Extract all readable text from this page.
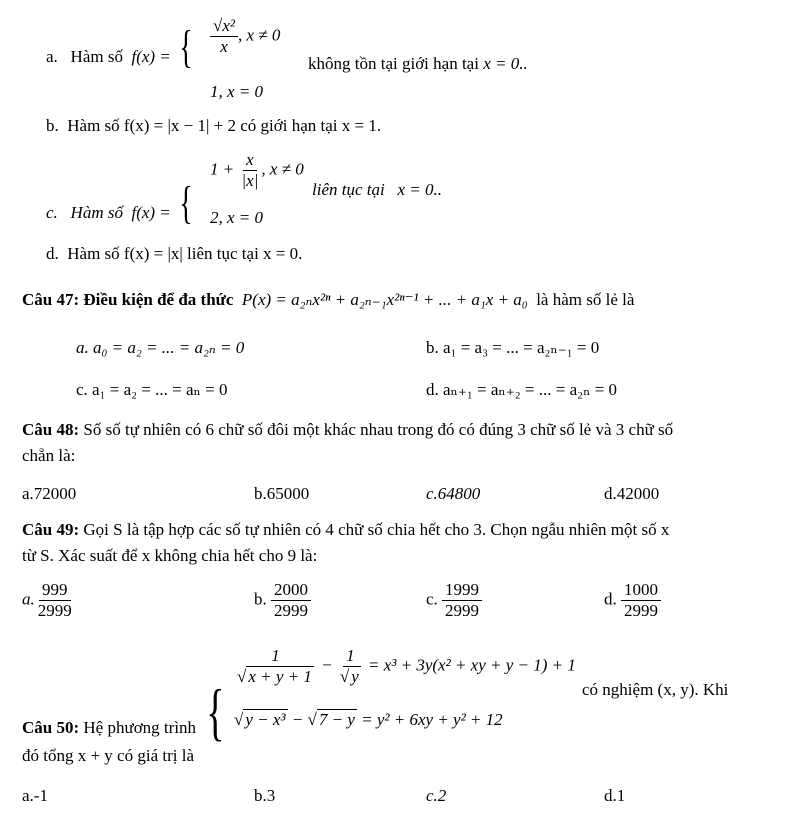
a. Hàm số f(x) = { $\frac{\text{√x²}}{x}$ , x ≠ 0
1, x = 0
không tồn tại giới hạn tại x = 0..
b. Hàm số f(x) = |x − 1| + 2 có giới hạn tại x = 1.
c. Hàm số f(x) = {
$1 + \frac{x}{|x|}$ , x ≠ 0
2, x = 0
liên tục tại x = 0..
d. Hàm số f(x) = |x| liên tục tại x = 0.
Câu 47: Điều kiện để đa thức P(x) = a₂ₙx²ⁿ + a₂ₙ₋₁x²ⁿ⁻¹ + ... + a₁x + a₀ là hàm số lẻ là
a. a₀ = a₂ = ... = a₂ₙ = 0	b. a₁ = a₃ = ... = a₂ₙ₋₁ = 0
c. a₁ = a₂ = ... = aₙ = 0	d. aₙ₊₁ = aₙ₊₂ = ... = a₂ₙ = 0
Câu 48: Số số tự nhiên có 6 chữ số đôi một khác nhau trong đó có đúng 3 chữ số lẻ và 3 chữ số
chẵn là:
a.72000	b.65000	c.64800	d.42000
Câu 49: Gọi S là tập hợp các số tự nhiên có 4 chữ số chia hết cho 3. Chọn ngẫu nhiên một số x
từ S. Xác suất để x không chia hết cho 9 là:
a. $\frac{999}{2999}$	b. $\frac{2000}{2999}$	c. $\frac{1999}{2999}$	d. $\frac{1000}{2999}$
Câu 50: Hệ phương trình {
$\frac{1}{√ x + y + 1} - \frac{1}{√ y} = x^3 + 3y(x^2$ + xy + y − 1) + 1
√ y − x³ − √ 7 − y = y² + 6xy + y² + 12
có nghiệm (x, y). Khi
đó tổng x + y có giá trị là
a.-1	b.3	c.2	d.1
